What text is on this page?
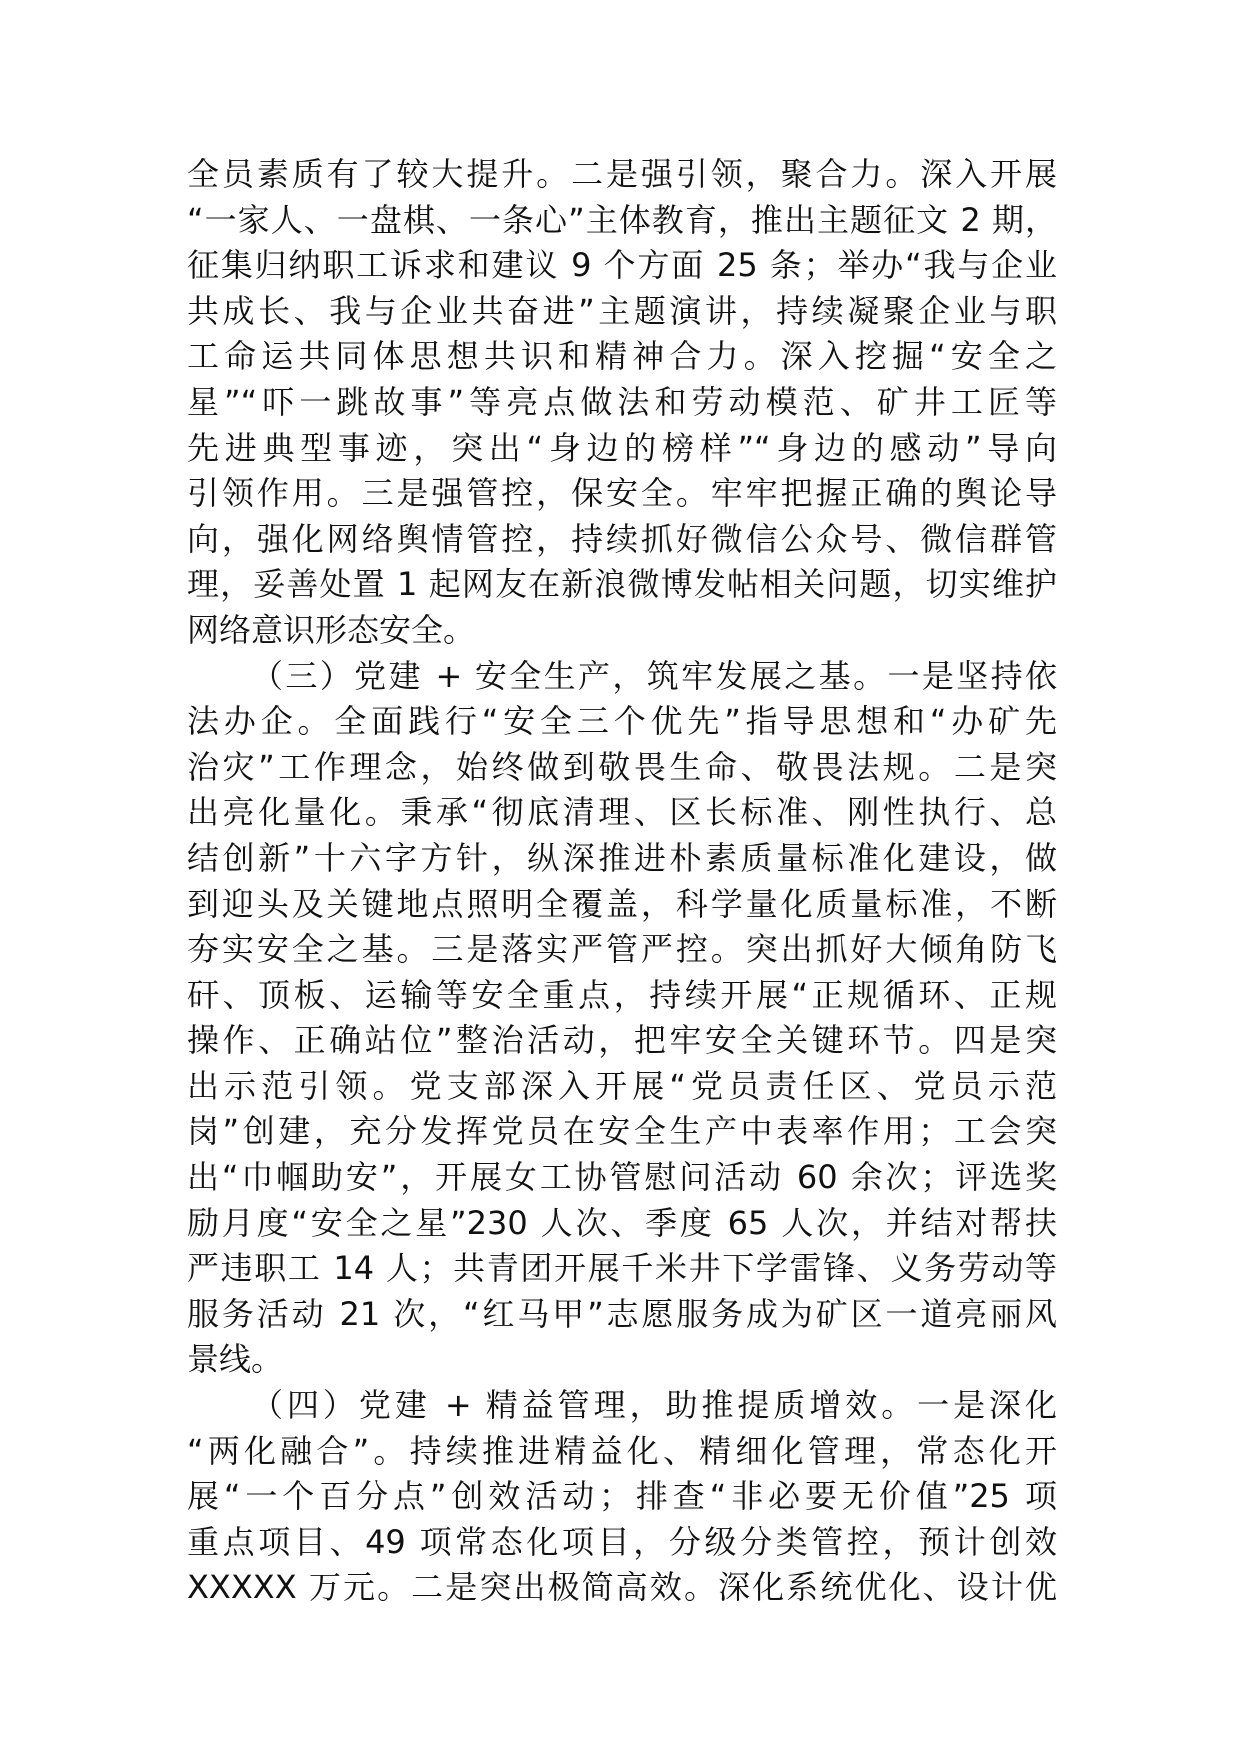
全员素质有了较大提升。二是强引领，聚合力。深入开展
“一家人、一盘棋、一条心”主体教育，推出主题征文 2 期，
征集归纳职工诉求和建议 9 个方面 25 条；举办“我与企业
共成长、我与企业共奋进”主题演讲，持续凝聚企业与职
工命运共同体思想共识和精神合力。深入挖掘“安全之
星”“吓一跳故事”等亮点做法和劳动模范、矿井工匠等
先进典型事迹，突出“身边的榜样”“身边的感动”导向
引领作用。三是强管控，保安全。牢牢把握正确的舆论导
向，强化网络舆情管控，持续抓好微信公众号、微信群管
理，妥善处置 1 起网友在新浪微博发帖相关问题，切实维护
网络意识形态安全。
（三）党建 + 安全生产，筑牢发展之基。一是坚持依
法办企。全面践行“安全三个优先”指导思想和“办矿先
治灾”工作理念，始终做到敬畏生命、敬畏法规。二是突
出亮化量化。秉承“彻底清理、区长标准、刚性执行、总
结创新”十六字方针，纵深推进朴素质量标准化建设，做
到迎头及关键地点照明全覆盖，科学量化质量标准，不断
夯实安全之基。三是落实严管严控。突出抓好大倾角防飞
矸、顶板、运输等安全重点，持续开展“正规循环、正规
操作、正确站位”整治活动，把牢安全关键环节。四是突
出示范引领。党支部深入开展“党员责任区、党员示范
岗”创建，充分发挥党员在安全生产中表率作用；工会突
出“巾帼助安”，开展女工协管慰问活动 60 余次；评选奖
励月度“安全之星”230 人次、季度 65 人次，并结对帮扶
严违职工 14 人；共青团开展千米井下学雷锋、义务劳动等
服务活动 21 次，“红马甲”志愿服务成为矿区一道亮丽风
景线。
（四）党建 + 精益管理，助推提质增效。一是深化
“两化融合”。持续推进精益化、精细化管理，常态化开
展“一个百分点”创效活动；排查“非必要无价值”25 项
重点项目、49 项常态化项目，分级分类管控，预计创效
XXXXX 万元。二是突出极简高效。深化系统优化、设计优
